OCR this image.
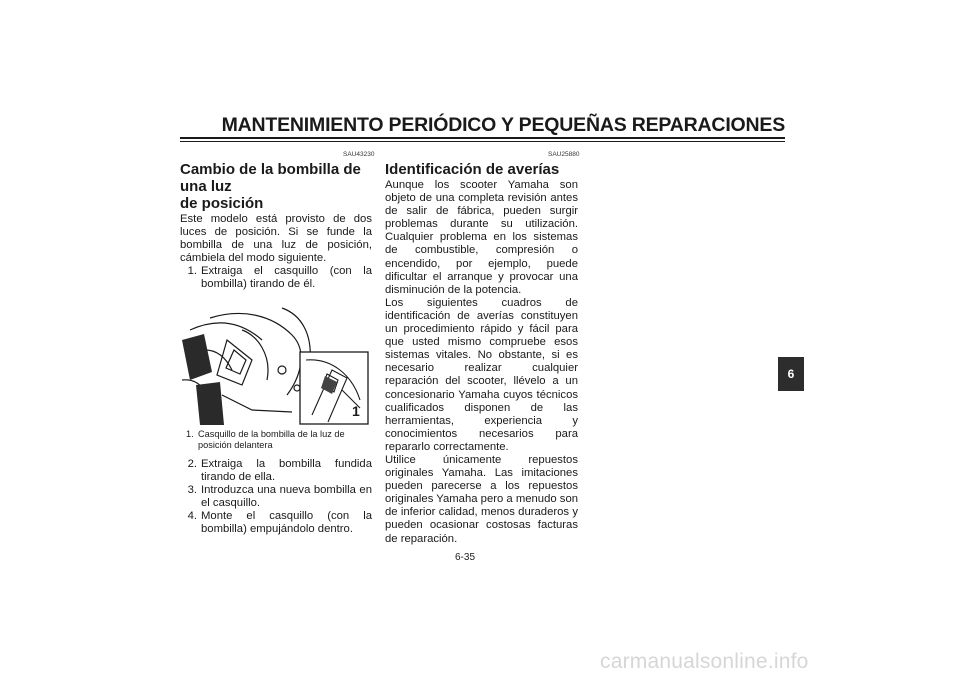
MANTENIMIENTO PERIÓDICO Y PEQUEÑAS REPARACIONES
SAU43230	SAU25880
Cambio de la bombilla de una luz
de posición

Este modelo está provisto de dos luces de posición. Si se funde la bombilla de una luz de posición, cámbiela del modo siguiente.

1. Extraiga el casquillo (con la bombilla) tirando de él.
1
1. Casquillo de la bombilla de la luz de posición delantera
2. Extraiga la bombilla fundida tirando de ella.
3. Introduzca una nueva bombilla en el casquillo.
4. Monte el casquillo (con la bombilla) empujándolo dentro.
Identificación de averías

Aunque los scooter Yamaha son objeto de una completa revisión antes de salir de fábrica, pueden surgir problemas durante su utilización. Cualquier problema en los sistemas de combustible, compresión o encendido, por ejemplo, puede dificultar el arranque y provocar una disminución de la potencia.

Los siguientes cuadros de identificación de averías constituyen un procedimiento rápido y fácil para que usted mismo compruebe esos sistemas vitales. No obstante, si es necesario realizar cualquier reparación del scooter, llévelo a un concesionario Yamaha cuyos técnicos cualificados disponen de las herramientas, experiencia y conocimientos necesarios para repararlo correctamente.

Utilice únicamente repuestos originales Yamaha. Las imitaciones pueden parecerse a los repuestos originales Yamaha pero a menudo son de inferior calidad, menos duraderos y pueden ocasionar costosas facturas de reparación.

6
6-35
carmanualsonline.info
